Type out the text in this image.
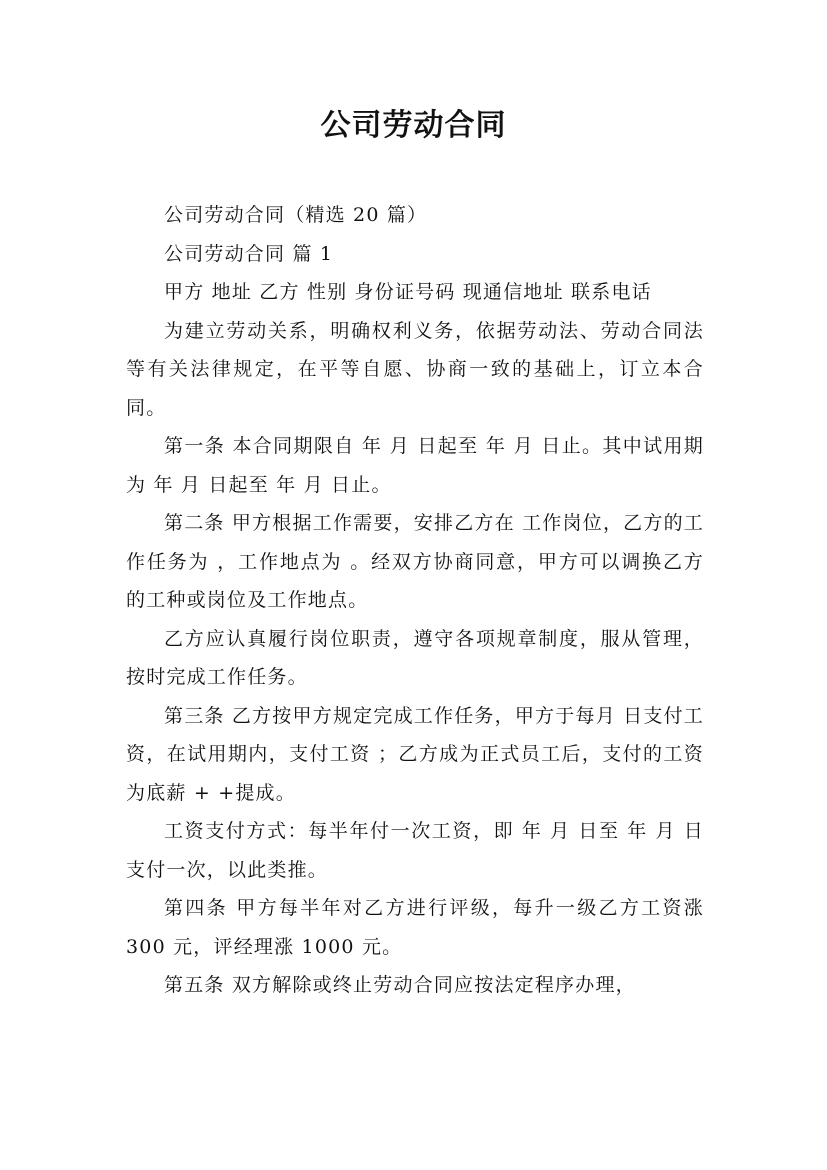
公司劳动合同

公司劳动合同（精选 20 篇）

公司劳动合同 篇 1

甲方 地址 乙方 性别 身份证号码 现通信地址 联系电话

为建立劳动关系，明确权利义务，依据劳动法、劳动合同法等有关法律规定，在平等自愿、协商一致的基础上，订立本合同。

第一条 本合同期限自 年 月 日起至 年 月 日止。其中试用期为 年 月 日起至 年 月 日止。

第二条 甲方根据工作需要，安排乙方在 工作岗位，乙方的工作任务为 ，工作地点为 。经双方协商同意，甲方可以调换乙方的工种或岗位及工作地点。

乙方应认真履行岗位职责，遵守各项规章制度，服从管理，按时完成工作任务。

第三条 乙方按甲方规定完成工作任务，甲方于每月 日支付工资，在试用期内，支付工资 ；乙方成为正式员工后，支付的工资为底薪 + +提成。

工资支付方式：每半年付一次工资，即 年 月 日至 年 月 日支付一次，以此类推。

第四条 甲方每半年对乙方进行评级，每升一级乙方工资涨 300 元，评经理涨 1000 元。

第五条 双方解除或终止劳动合同应按法定程序办理，
